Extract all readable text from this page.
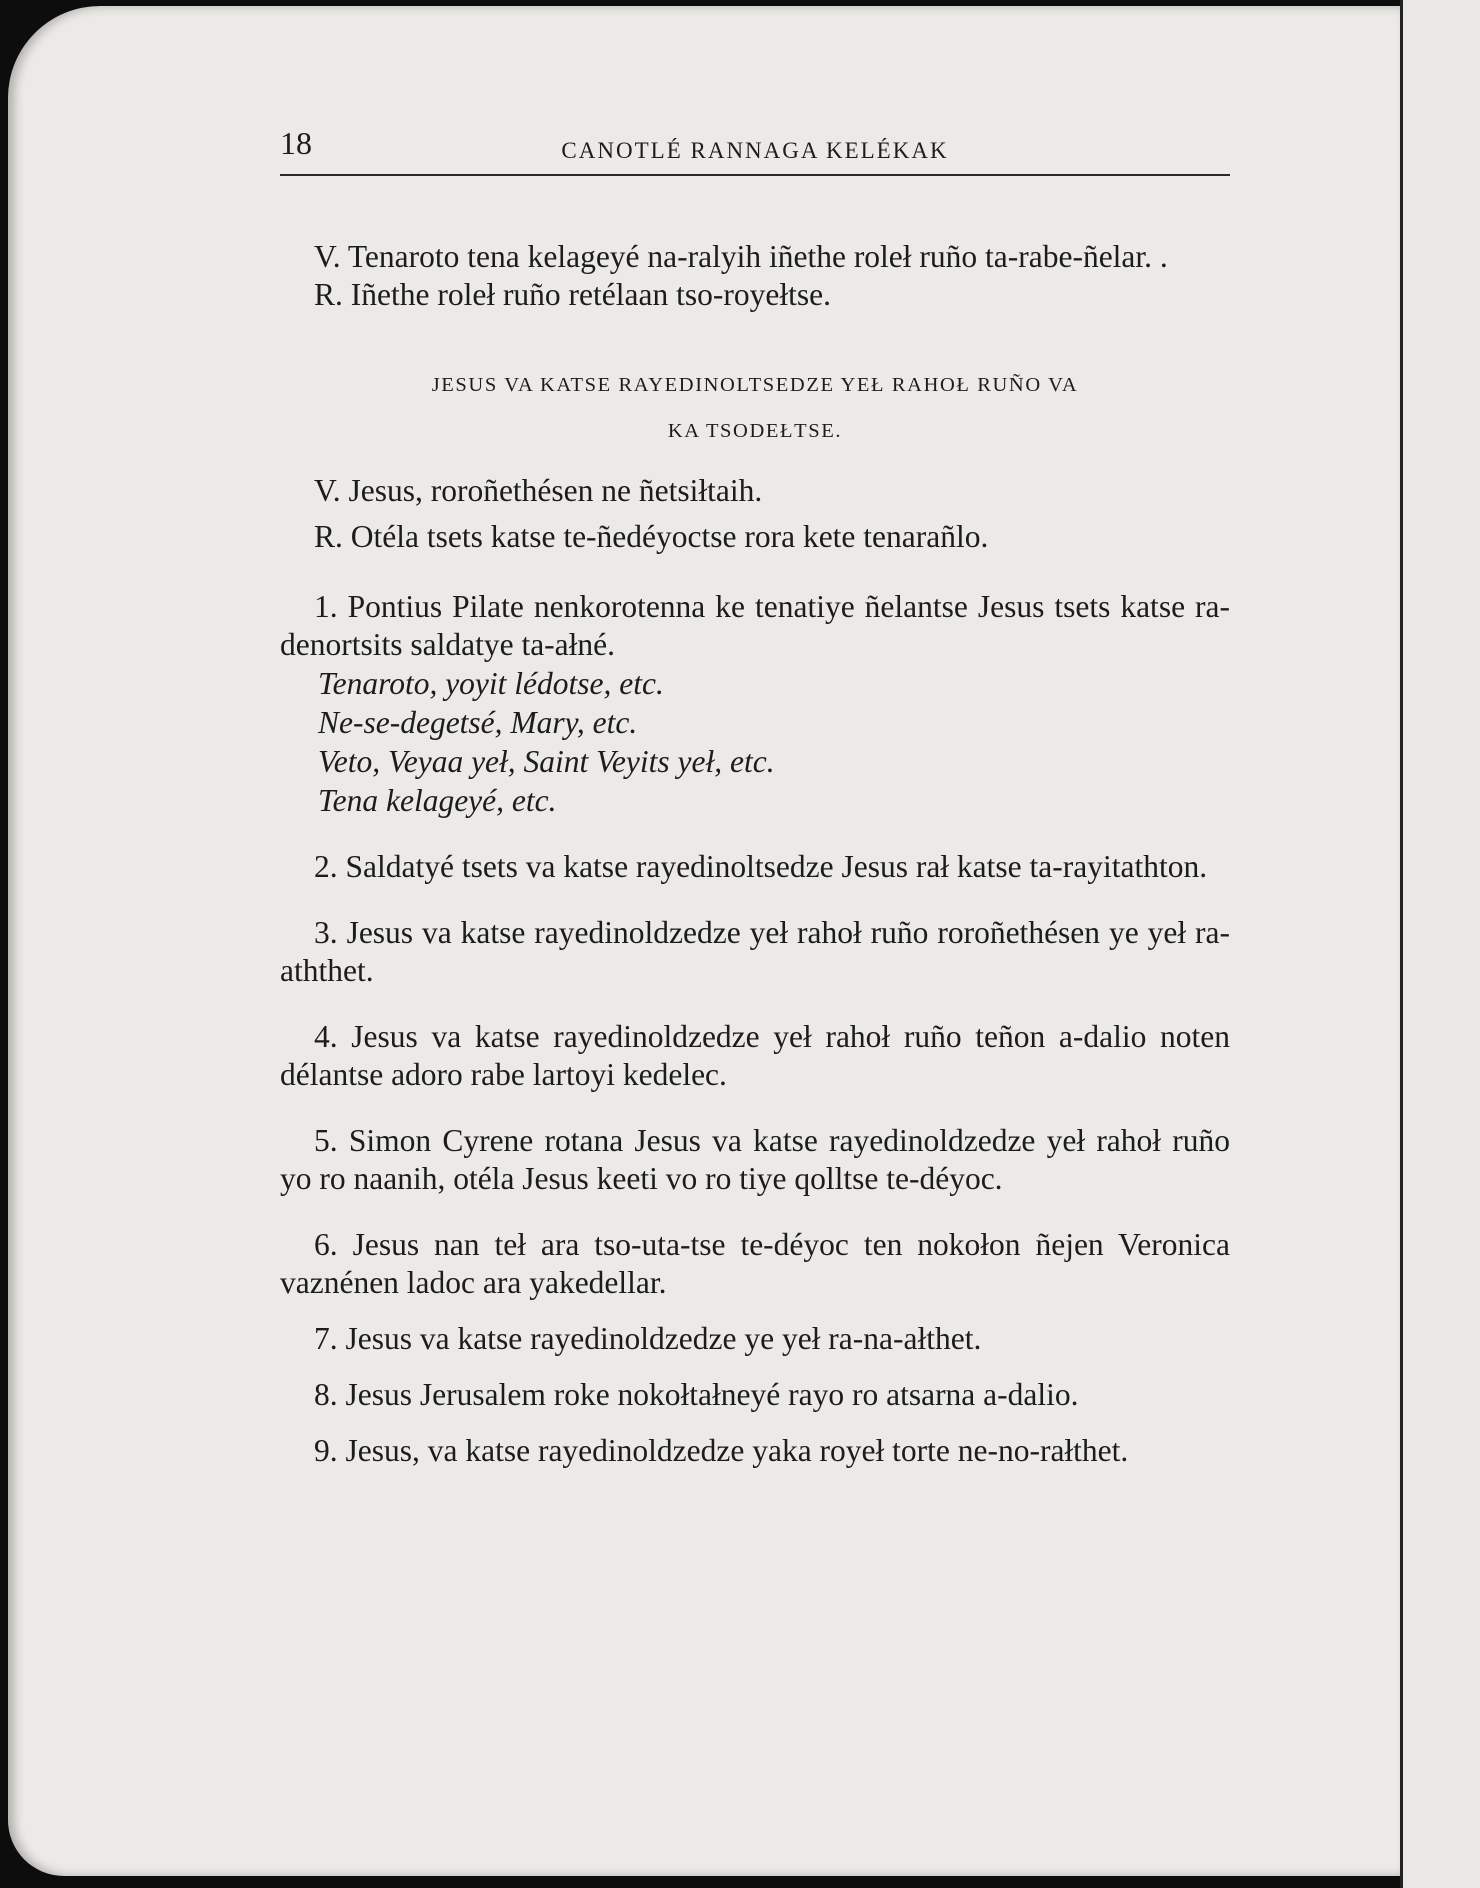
18	CANOTLÉ RANNAGA KELÉKAK

V. Tenaroto tena kelageyé na-ralyih iñethe roleł ruño ta-rabe-ñelar. .

R. Iñethe roleł ruño retélaan tso-royełtse.

JESUS VA KATSE RAYEDINOLTSEDZE YEŁ RAHOŁ RUÑO VA
KA TSODEŁTSE.

V. Jesus, roroñethésen ne ñetsiłtaih.

R. Otéla tsets katse te-ñedéyoctse rora kete tenarañlo.

1. Pontius Pilate nenkorotenna ke tenatiye ñelantse Jesus tsets katse ra-denortsits saldatye ta-ałné.

Tenaroto, yoyit lédotse, etc.
Ne-se-degetsé, Mary, etc.
Veto, Veyaa yeł, Saint Veyits yeł, etc.
Tena kelageyé, etc.

2. Saldatyé tsets va katse rayedinoltsedze Jesus rał katse ta-rayitathton.

3. Jesus va katse rayedinoldzedze yeł rahoł ruño roroñethésen ye yeł ra-aththet.

4. Jesus va katse rayedinoldzedze yeł rahoł ruño teñon a-dalio noten délantse adoro rabe lartoyi kedelec.

5. Simon Cyrene rotana Jesus va katse rayedinoldzedze yeł rahoł ruño yo ro naanih, otéla Jesus keeti vo ro tiye qolltse te-déyoc.

6. Jesus nan teł ara tso-uta-tse te-déyoc ten nokołon ñejen Veronica vaznénen ladoc ara yakedellar.

7. Jesus va katse rayedinoldzedze ye yeł ra-na-ałthet.

8. Jesus Jerusalem roke nokołtałneyé rayo ro atsarna a-dalio.

9. Jesus, va katse rayedinoldzedze yaka royeł torte ne-no-rałthet.
